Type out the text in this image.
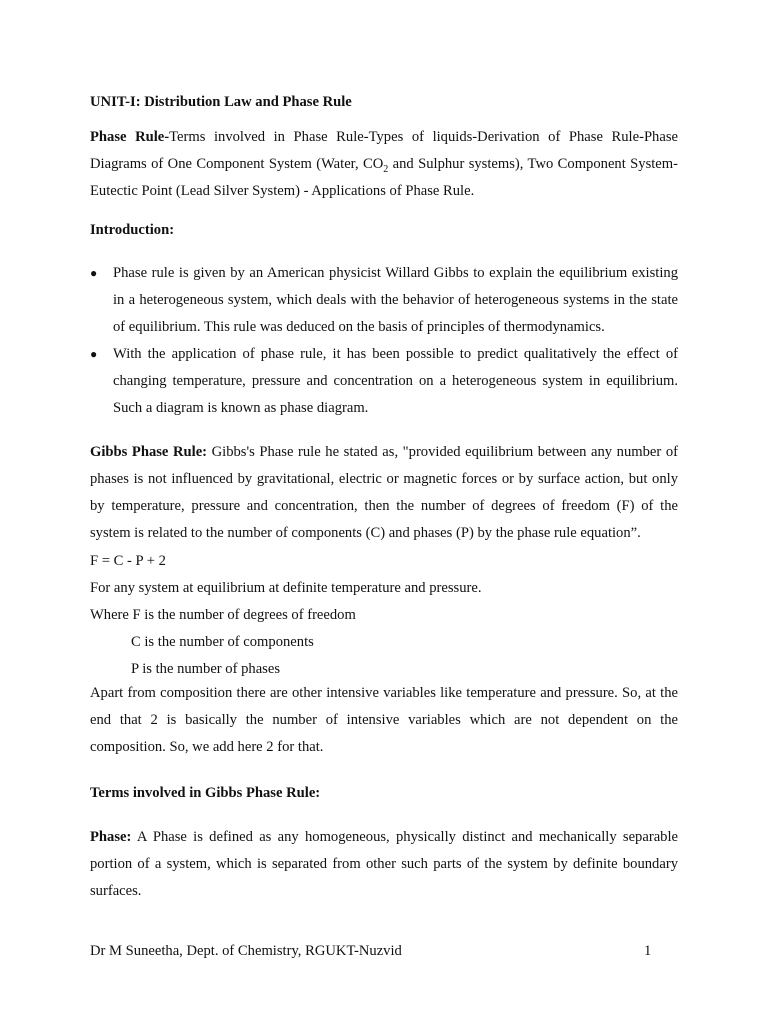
UNIT-I: Distribution Law and Phase Rule

Phase Rule-Terms involved in Phase Rule-Types of liquids-Derivation of Phase Rule-Phase Diagrams of One Component System (Water, $CO_2$ and Sulphur systems), Two Component System-Eutectic Point (Lead Silver System) - Applications of Phase Rule.

Introduction:

● Phase rule is given by an American physicist Willard Gibbs to explain the equilibrium existing in a heterogeneous system, which deals with the behavior of heterogeneous systems in the state of equilibrium. This rule was deduced on the basis of principles of thermodynamics.
● With the application of phase rule, it has been possible to predict qualitatively the effect of changing temperature, pressure and concentration on a heterogeneous system in equilibrium. Such a diagram is known as phase diagram.

Gibbs Phase Rule: Gibbs's Phase rule he stated as, "provided equilibrium between any number of phases is not influenced by gravitational, electric or magnetic forces or by surface action, but only by temperature, pressure and concentration, then the number of degrees of freedom (F) of the system is related to the number of components (C) and phases (P) by the phase rule equation”.

F = C - P + 2

For any system at equilibrium at definite temperature and pressure.

Where F is the number of degrees of freedom

C is the number of components

P is the number of phases

Apart from composition there are other intensive variables like temperature and pressure. So, at the end that 2 is basically the number of intensive variables which are not dependent on the composition. So, we add here 2 for that.

Terms involved in Gibbs Phase Rule:

Phase: A Phase is defined as any homogeneous, physically distinct and mechanically separable portion of a system, which is separated from other such parts of the system by definite boundary surfaces.

Dr M Suneetha, Dept. of Chemistry, RGUKT-Nuzvid	1
